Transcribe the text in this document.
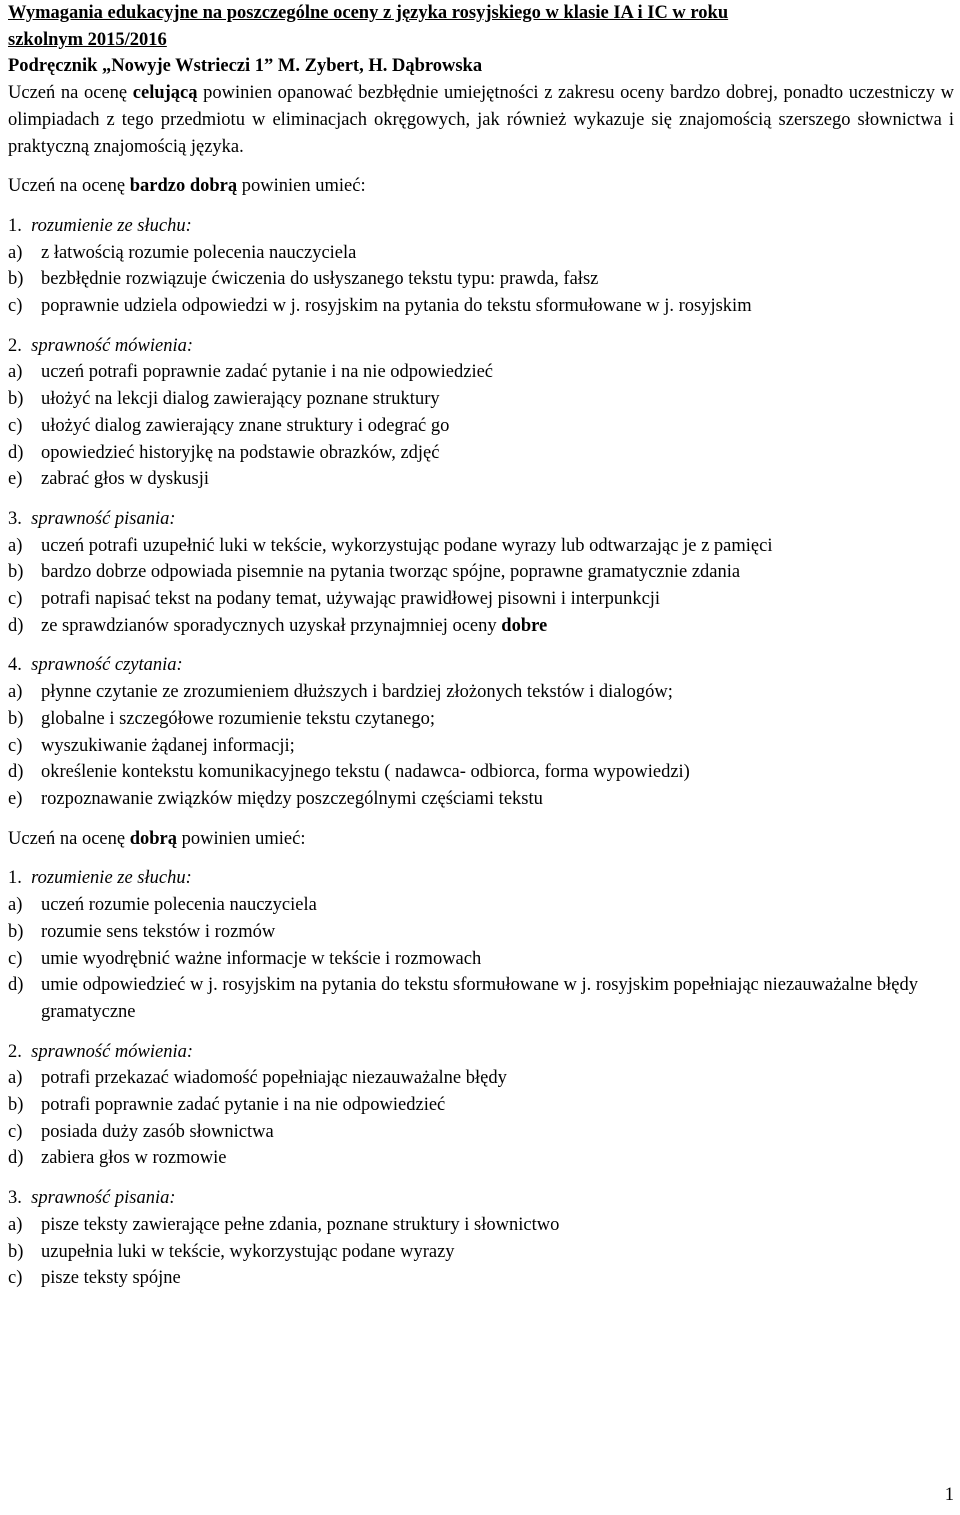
Wymagania edukacyjne na poszczególne oceny z języka rosyjskiego w klasie IA i IC w roku
szkolnym 2015/2016
Podręcznik „Nowyje Wstrieczi 1” M. Zybert, H. Dąbrowska
Uczeń na ocenę celującą powinien opanować bezbłędnie umiejętności z zakresu oceny bardzo dobrej, ponadto uczestniczy w olimpiadach z tego przedmiotu w eliminacjach okręgowych, jak również wykazuje się znajomością szerszego słownictwa i praktyczną znajomością języka.
Uczeń na ocenę bardzo dobrą powinien umieć:
1. rozumienie ze słuchu:
a)	z łatwością rozumie polecenia nauczyciela
b) bezbłędnie rozwiązuje ćwiczenia do usłyszanego tekstu typu: prawda, fałsz
c)	poprawnie udziela odpowiedzi w j. rosyjskim na pytania do tekstu sformułowane w j. rosyjskim
2. sprawność mówienia:
a)	uczeń potrafi poprawnie zadać pytanie i na nie odpowiedzieć
b) ułożyć na lekcji dialog zawierający poznane struktury
c)	ułożyć dialog zawierający znane struktury i odegrać go
d) opowiedzieć historyjkę na podstawie obrazków, zdjęć
e)	zabrać głos w dyskusji
3. sprawność pisania:
a)	uczeń potrafi uzupełnić luki w tekście, wykorzystując podane wyrazy lub odtwarzając je z pamięci
b) bardzo dobrze odpowiada pisemnie na pytania tworząc spójne, poprawne gramatycznie zdania
c)	potrafi napisać tekst na podany temat, używając prawidłowej pisowni i interpunkcji
d) ze sprawdzianów sporadycznych uzyskał przynajmniej oceny dobre
4. sprawność czytania:
a)	płynne czytanie ze zrozumieniem dłuższych i bardziej złożonych tekstów i dialogów;
b) globalne i szczegółowe rozumienie tekstu czytanego;
c)	wyszukiwanie żądanej informacji;
d) określenie kontekstu komunikacyjnego tekstu ( nadawca- odbiorca, forma wypowiedzi)
e)	rozpoznawanie związków między poszczególnymi częściami tekstu
Uczeń na ocenę dobrą powinien umieć:
1. rozumienie ze słuchu:
a)	uczeń rozumie polecenia nauczyciela
b) rozumie sens tekstów i rozmów
c)	umie wyodrębnić ważne informacje w tekście i rozmowach
d) umie odpowiedzieć w j. rosyjskim na pytania do tekstu sformułowane w j. rosyjskim popełniając niezauważalne błędy gramatyczne
2. sprawność mówienia:
a)	potrafi przekazać wiadomość popełniając niezauważalne błędy
b) potrafi poprawnie zadać pytanie i na nie odpowiedzieć
c)	posiada duży zasób słownictwa
d) zabiera głos w rozmowie
3. sprawność pisania:
a)	pisze teksty zawierające pełne zdania, poznane struktury i słownictwo
b) uzupełnia luki w tekście, wykorzystując podane wyrazy
c)	pisze teksty spójne
1
